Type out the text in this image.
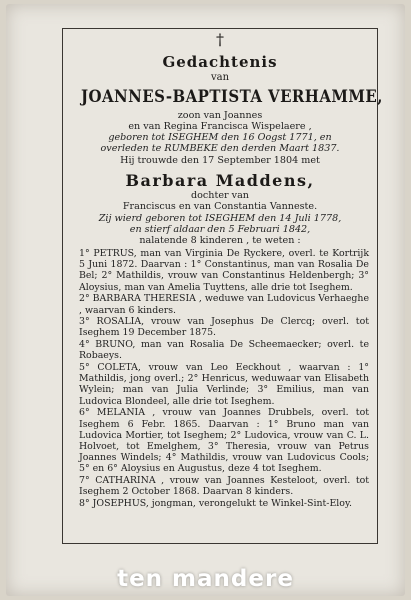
†
Gedachtenis
van
JOANNES-BAPTISTA VERHAMME,
zoon van Joannes
en van Regina Francisca Wispelaere ,
geboren tot ISEGHEM den 16 Oogst 1771, en
overleden te RUMBEKE den derden Maart 1837.
Hij trouwde den 17 September 1804 met
Barbara Maddens,
dochter van
Franciscus en van Constantia Vanneste.
Zij wierd geboren tot ISEGHEM den 14 Juli 1778,
en stierf aldaar den 5 Februari 1842,
nalatende 8 kinderen , te weten :

1° PETRUS, man van Virginia De Ryckere, overl. te Kortrijk 5 Juni 1872. Daarvan : 1° Constantinus, man van Rosalia De Bel; 2° Mathildis, vrouw van Constantinus Heldenbergh; 3° Aloysius, man van Amelia Tuyttens, alle drie tot Iseghem.

2° BARBARA THERESIA , weduwe van Ludovicus Verhaeghe , waarvan 6 kinders.

3° ROSALIA, vrouw van Josephus De Clercq; overl. tot Iseghem 19 December 1875.

4° BRUNO, man van Rosalia De Scheemaecker; overl. te Robaeys.

5° COLETA, vrouw van Leo Eeckhout , waarvan : 1° Mathildis, jong overl.; 2° Henricus, weduwaar van Elisabeth Wylein; man van Julia Verlinde; 3° Emilius, man van Ludovica Blondeel, alle drie tot Iseghem.

6° MELANIA , vrouw van Joannes Drubbels, overl. tot Iseghem 6 Febr. 1865. Daarvan : 1° Bruno man van Ludovica Mortier, tot Iseghem; 2° Ludovica, vrouw van C. L. Holvoet, tot Emelghem, 3° Theresia, vrouw van Petrus Joannes Windels; 4° Mathildis, vrouw van Ludovicus Cools; 5° en 6° Aloysius en Augustus, deze 4 tot Iseghem.

7° CATHARINA , vrouw van Joannes Kesteloot, overl. tot Iseghem 2 October 1868. Daarvan 8 kinders.

8° JOSEPHUS, jongman, verongelukt te Winkel-Sint-Eloy.

ten mandere
